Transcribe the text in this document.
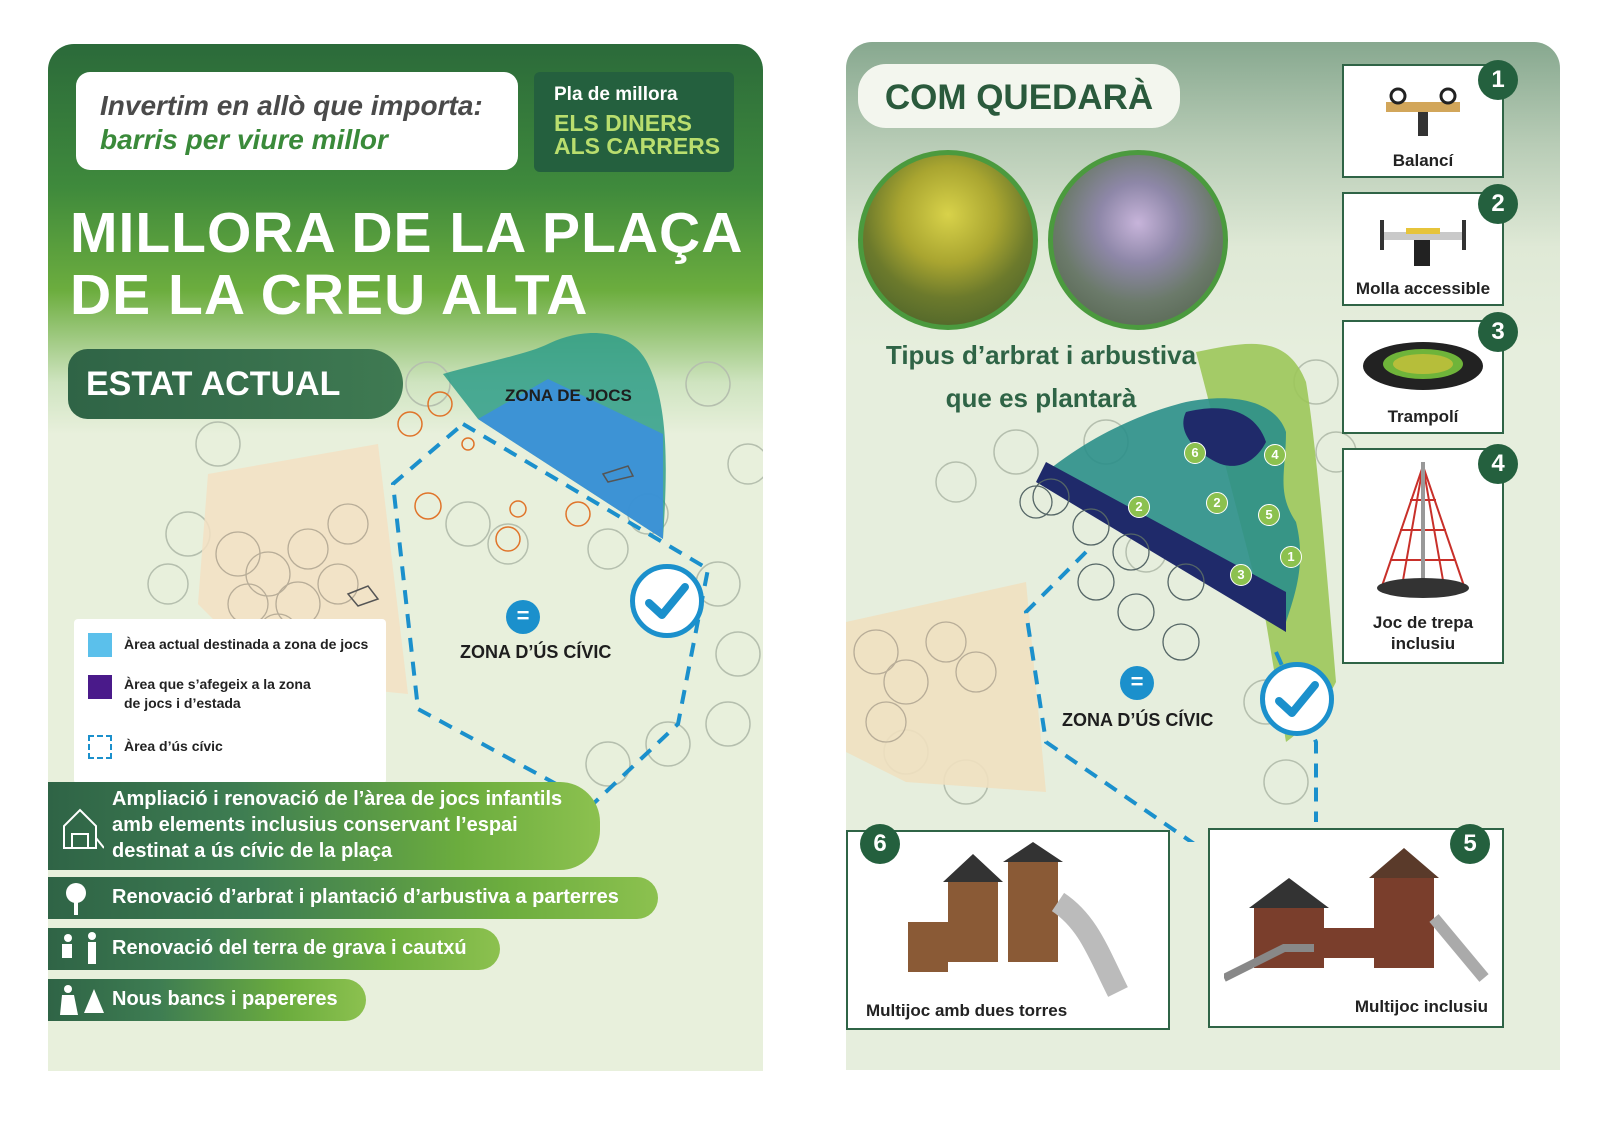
Invertim en allò que importa:
barris per viure millor
Pla de millora
ELS DINERS
ALS CARRERS
MILLORA DE LA PLAÇA
DE LA CREU ALTA
ESTAT ACTUAL	ZONA DE JOCS
=
ZONA D’ÚS CÍVIC
Àrea actual destinada a zona de jocs
Àrea que s’afegeix a la zona
de jocs i d’estada
Àrea d’ús cívic
Ampliació i renovació de l’àrea de jocs infantils
amb elements inclusius conservant l’espai
destinat a ús cívic de la plaça
Renovació d’arbrat i plantació d’arbustiva a parterres
Renovació del terra de grava i cautxú
Nous bancs i papereres
COM QUEDARÀ
6	4
2	2
5
1
3
=
ZONA D’ÚS CÍVIC
Tipus d’arbrat i arbustiva
que es plantarà
Balancí
1
Molla accessible
2
Trampolí
3
Joc de trepa
inclusiu
4
Multijoc amb dues torres
6
Multijoc inclusiu
5
